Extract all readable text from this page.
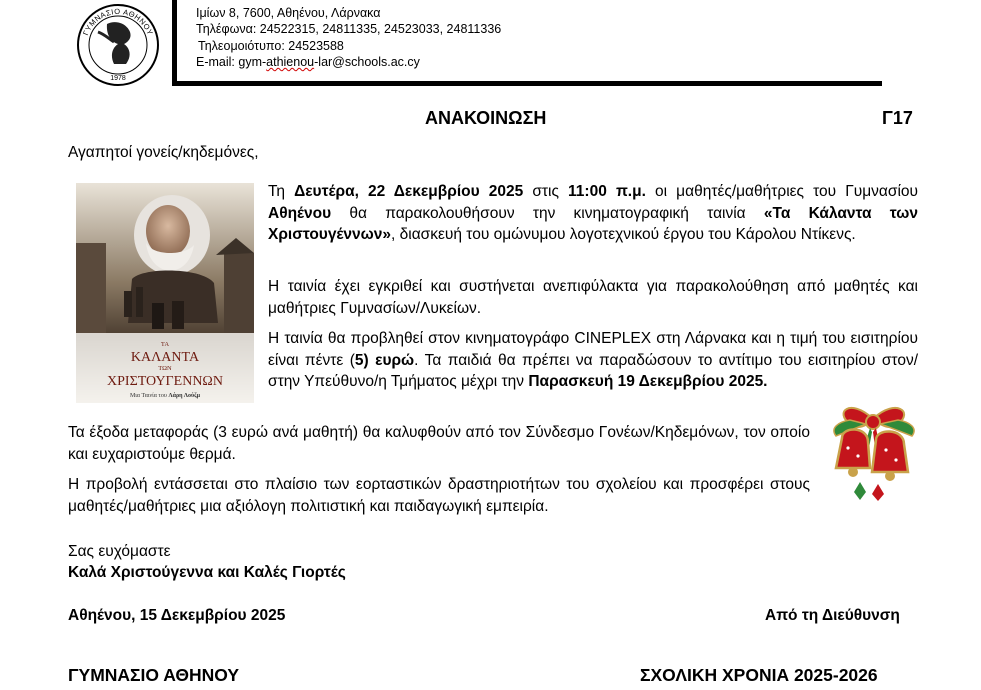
ΓΥΜΝΑΣΙΟ ΑΘΗΝΟΥ
1978
Ιμίων 8, 7600, Αθηένου, Λάρνακα
Τηλέφωνα: 24522315, 24811335, 24523033, 24811336
Τηλεομοιότυπο: 24523588
E-mail: gym-athienou-lar@schools.ac.cy
ΑΝΑΚΟΙΝΩΣΗ	Γ17
Αγαπητοί γονείς/κηδεμόνες,
ΤΑ
ΚΑΛΑΝΤΑ
ΤΩΝ
ΧΡΙΣΤΟΥΓΕΝΝΩΝ
Μια Ταινία του Λάρη Λούζμ
Τη Δευτέρα, 22 Δεκεμβρίου 2025 στις 11:00 π.μ. οι μαθητές/μαθήτριες του Γυμνασίου Αθηένου θα παρακολουθήσουν την κινηματογραφική ταινία «Τα Κάλαντα των Χριστουγέννων», διασκευή του ομώνυμου λογοτεχνικού έργου του Κάρολου Ντίκενς.
Η ταινία έχει εγκριθεί και συστήνεται ανεπιφύλακτα για παρακολούθηση από μαθητές και μαθήτριες Γυμνασίων/Λυκείων.
Η ταινία θα προβληθεί στον κινηματογράφο CINEPLEX στη Λάρνακα και η τιμή του εισιτηρίου είναι πέντε (5) ευρώ. Τα παιδιά θα πρέπει να παραδώσουν το αντίτιμο του εισιτηρίου στον/στην Υπεύθυνο/η Τμήματος μέχρι την Παρασκευή 19 Δεκεμβρίου 2025.
Τα έξοδα μεταφοράς (3 ευρώ ανά μαθητή) θα καλυφθούν από τον Σύνδεσμο Γονέων/Κηδεμόνων, τον οποίο και ευχαριστούμε θερμά.
Η προβολή εντάσσεται στο πλαίσιο των εορταστικών δραστηριοτήτων του σχολείου και προσφέρει στους μαθητές/μαθήτριες μια αξιόλογη πολιτιστική και παιδαγωγική εμπειρία.
Σας ευχόμαστε
Καλά Χριστούγεννα και Καλές Γιορτές
Αθηένου, 15 Δεκεμβρίου 2025	Από τη Διεύθυνση
ΓΥΜΝΑΣΙΟ ΑΘΗΝΟΥ	ΣΧΟΛΙΚΗ ΧΡΟΝΙΑ 2025-2026
